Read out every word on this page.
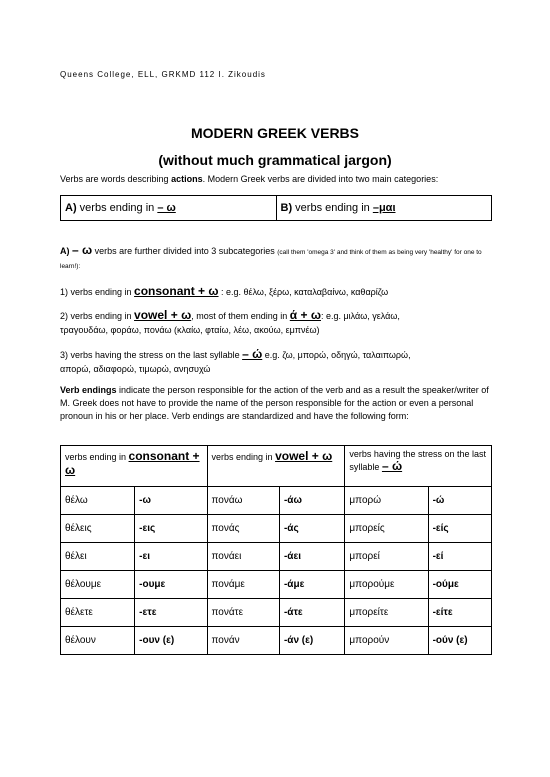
Queens College, ELL, GRKMD 112 I. Zikoudis
MODERN GREEK VERBS
(without much grammatical jargon)
Verbs are words describing actions. Modern Greek verbs are divided into two main categories:
A) verbs ending in – ω	B) verbs ending in –μαι
A) – ω verbs are further divided into 3 subcategories (call them 'omega 3' and think of them as being very 'healthy' for one to learn!):
1) verbs ending in consonant + ω : e.g. θέλω, ξέρω, καταλαβαίνω, καθαρίζω
2) verbs ending in vowel + ω, most of them ending in ά + ω: e.g. μιλάω, γελάω,
τραγουδάω, φοράω, πονάω (κλαίω, φταίω, λέω, ακούω, εμπνέω)
3) verbs having the stress on the last syllable – ώ e.g. ζω, μπορώ, οδηγώ, ταλαιπωρώ,
απορώ, αδιαφορώ, τιμωρώ, ανησυχώ
Verb endings indicate the person responsible for the action of the verb and as a result the speaker/writer of M. Greek does not have to provide the name of the person responsible for the action or even a personal pronoun in his or her place. Verb endings are standardized and have the following form:
verbs ending in consonant + ω		verbs ending in vowel + ω		verbs having the stress on the last syllable – ώ	
θέλω	-ω	πονάω	-άω	μπορώ	-ώ
θέλεις	-εις	πονάς	-άς	μπορείς	-είς
θέλει	-ει	πονάει	-άει	μπορεί	-εί
θέλουμε	-ουμε	πονάμε	-άμε	μπορούμε	-ούμε
θέλετε	-ετε	πονάτε	-άτε	μπορείτε	-είτε
θέλουν	-ουν (ε)	πονάν	-άν (ε)	μπορούν	-ούν (ε)
